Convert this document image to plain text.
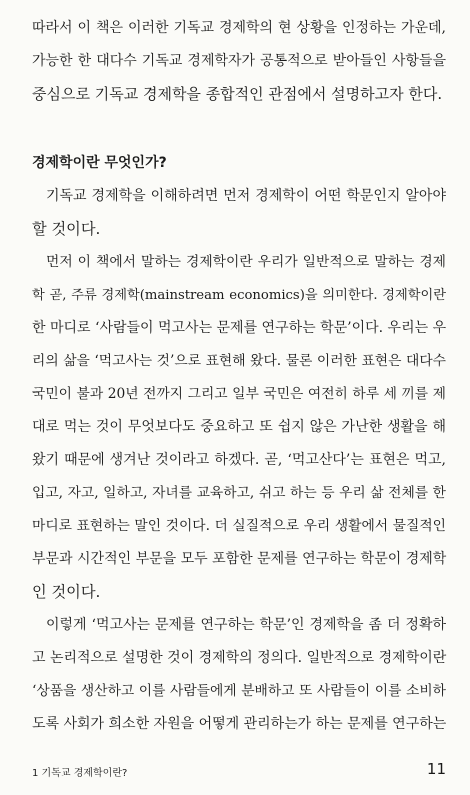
따라서 이 책은 이러한 기독교 경제학의 현 상황을 인정하는 가운데,
가능한 한 대다수 기독교 경제학자가 공통적으로 받아들인 사항들을
중심으로 기독교 경제학을 종합적인 관점에서 설명하고자 한다.
경제학이란 무엇인가?
기독교 경제학을 이해하려면 먼저 경제학이 어떤 학문인지 알아야
할 것이다.
먼저 이 책에서 말하는 경제학이란 우리가 일반적으로 말하는 경제
학 곧, 주류 경제학(mainstream economics)을 의미한다. 경제학이란
한 마디로 ‘사람들이 먹고사는 문제를 연구하는 학문’이다. 우리는 우
리의 삶을 ‘먹고사는 것’으로 표현해 왔다. 물론 이러한 표현은 대다수
국민이 불과 20년 전까지 그리고 일부 국민은 여전히 하루 세 끼를 제
대로 먹는 것이 무엇보다도 중요하고 또 쉽지 않은 가난한 생활을 해
왔기 때문에 생겨난 것이라고 하겠다. 곧, ‘먹고산다’는 표현은 먹고,
입고, 자고, 일하고, 자녀를 교육하고, 쉬고 하는 등 우리 삶 전체를 한
마디로 표현하는 말인 것이다. 더 실질적으로 우리 생활에서 물질적인
부문과 시간적인 부문을 모두 포함한 문제를 연구하는 학문이 경제학
인 것이다.
이렇게 ‘먹고사는 문제를 연구하는 학문’인 경제학을 좀 더 정확하
고 논리적으로 설명한 것이 경제학의 정의다. 일반적으로 경제학이란
‘상품을 생산하고 이를 사람들에게 분배하고 또 사람들이 이를 소비하
도록 사회가 희소한 자원을 어떻게 관리하는가 하는 문제를 연구하는
1 기독교 경제학이란?	11
